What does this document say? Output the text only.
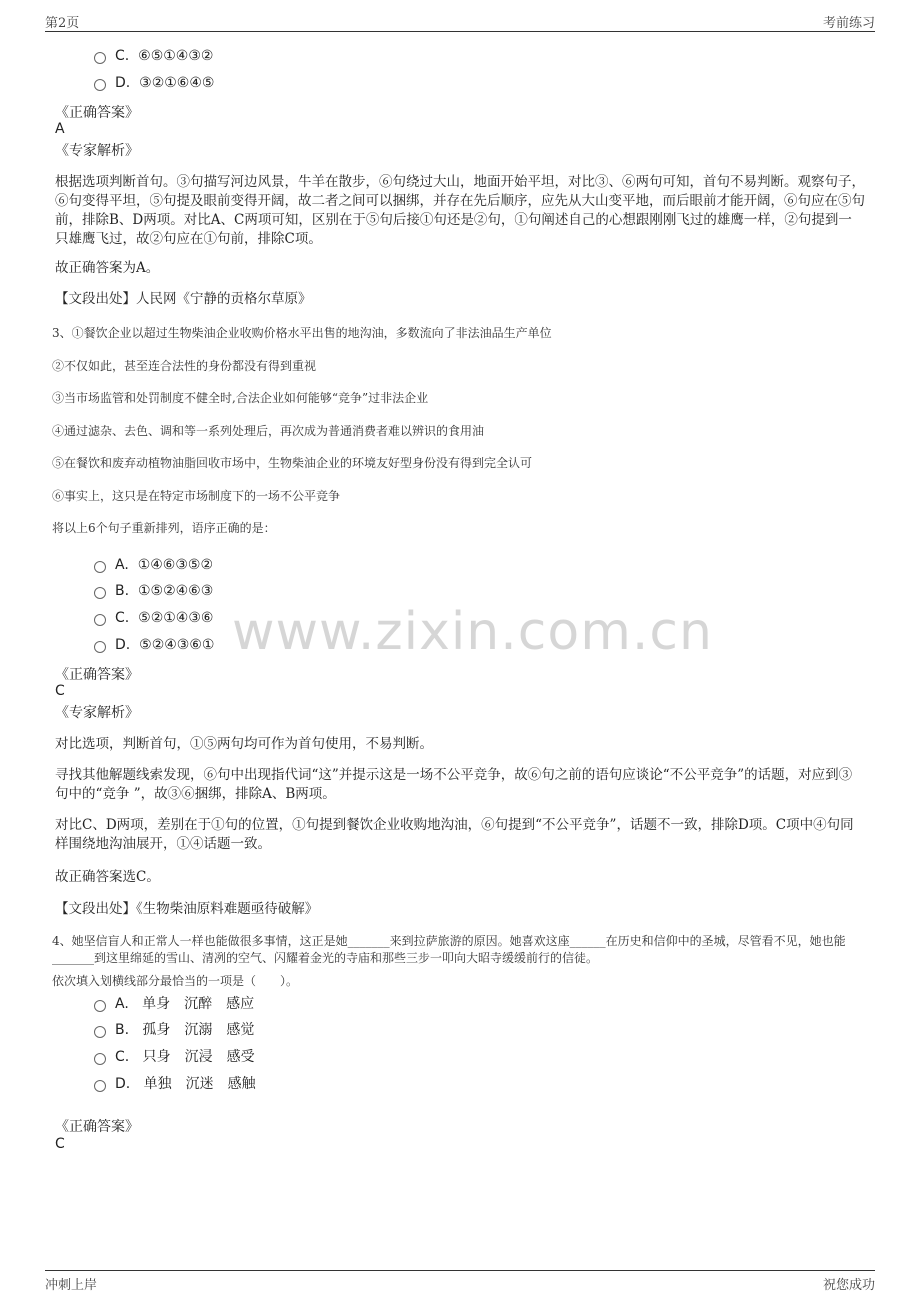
第2页	考前练习
www.zixin.com.cn
C. ⑥⑤①④③②
D. ③②①⑥④⑤
《正确答案》
A
《专家解析》
根据选项判断首句。③句描写河边风景，牛羊在散步，⑥句绕过大山，地面开始平坦，对比③、⑥两句可知，首句不易判断。观察句子，⑥句变得平坦，⑤句提及眼前变得开阔，故二者之间可以捆绑，并存在先后顺序，应先从大山变平地，而后眼前才能开阔，⑥句应在⑤句前，排除B、D两项。对比A、C两项可知，区别在于⑤句后接①句还是②句，①句阐述自己的心想跟刚刚飞过的雄鹰一样，②句提到一只雄鹰飞过，故②句应在①句前，排除C项。
故正确答案为A。
【文段出处】人民网《宁静的贡格尔草原》
3、①餐饮企业以超过生物柴油企业收购价格水平出售的地沟油，多数流向了非法油品生产单位
②不仅如此，甚至连合法性的身份都没有得到重视
③当市场监管和处罚制度不健全时,合法企业如何能够“竞争”过非法企业
④通过滤杂、去色、调和等一系列处理后，再次成为普通消费者难以辨识的食用油
⑤在餐饮和废弃动植物油脂回收市场中，生物柴油企业的环境友好型身份没有得到完全认可
⑥事实上，这只是在特定市场制度下的一场不公平竞争
将以上6个句子重新排列，语序正确的是：
A. ①④⑥③⑤②
B. ①⑤②④⑥③
C. ⑤②①④③⑥
D. ⑤②④③⑥①
《正确答案》
C
《专家解析》
对比选项，判断首句，①⑤两句均可作为首句使用，不易判断。
寻找其他解题线索发现，⑥句中出现指代词“这”并提示这是一场不公平竞争，故⑥句之前的语句应谈论“不公平竞争”的话题，对应到③句中的“竞争 ”，故③⑥捆绑，排除A、B两项。
对比C、D两项，差别在于①句的位置，①句提到餐饮企业收购地沟油，⑥句提到“不公平竞争”，话题不一致，排除D项。C项中④句同样围绕地沟油展开，①④话题一致。
故正确答案选C。
【文段出处】《生物柴油原料难题亟待破解》
4、她坚信盲人和正常人一样也能做很多事情，这正是她_______来到拉萨旅游的原因。她喜欢这座______在历史和信仰中的圣城，尽管看不见，她也能_______到这里绵延的雪山、清冽的空气、闪耀着金光的寺庙和那些三步一叩向大昭寺缓缓前行的信徒。
依次填入划横线部分最恰当的一项是（　　）。
A. 单身　沉醉　感应
B. 孤身　沉溺　感觉
C. 只身　沉浸　感受
D. 单独　沉迷　感触
《正确答案》
C
冲刺上岸	祝您成功
